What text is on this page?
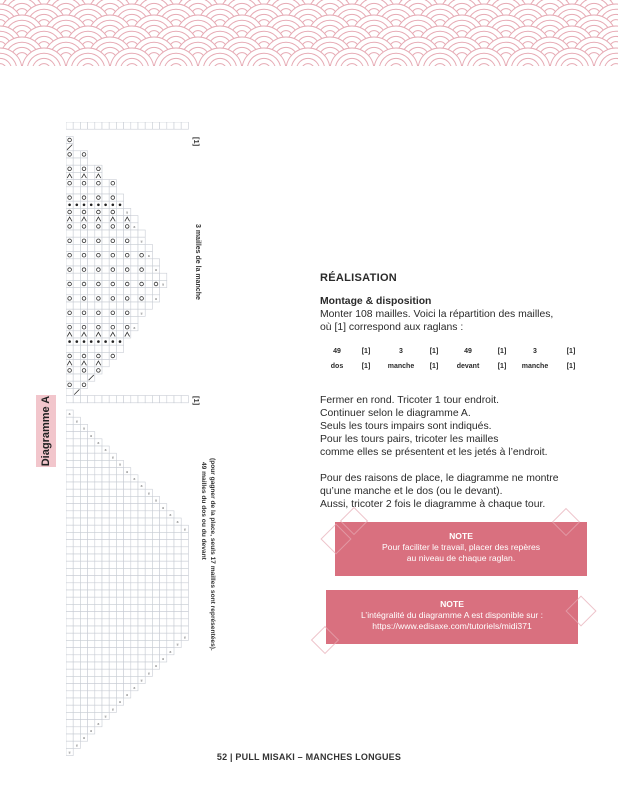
Diagramme A
ᴕ
ᴕ
ᴕ
ᴕ
ᴕ
ᴕ
ᴕ
ᴕ
ᴕ
ᴕ
ᴕ
ᴕ
ᴕ
ᴕ
ᴕ
ᴕ
ᴕ
ᴕ
ᴕ
ᴕ
ᴕ
ᴕ
ᴕ
ᴕ
ᴕ
ᴕ
ᴕ
ᴕ
ᴕ
ᴕ
ᴕ
ᴕ
ᴕ
ᴕ
ᴕ
ᴕ
ᴕ
ᴕ
ᴕ
ᴕ
ᴕ
ᴕ
ᴕ
[1]
[1]
3 mailles de la manche
49 mailles du dos ou du devant (pour gagner de la place, seuls 17 mailles sont représentées).
RÉALISATION
Montage & disposition
Monter 108 mailles. Voici la répartition des mailles,
où [1] correspond aux raglans :
49	[1]	3	[1]	49	[1]	3	[1]
dos	[1]	manche	[1]	devant	[1]	manche	[1]
Fermer en rond. Tricoter 1 tour endroit.
Continuer selon le diagramme A.
Seuls les tours impairs sont indiqués.
Pour les tours pairs, tricoter les mailles
comme elles se présentent et les jetés à l’endroit.
Pour des raisons de place, le diagramme ne montre
qu’une manche et le dos (ou le devant).
Aussi, tricoter 2 fois le diagramme à chaque tour.
NOTE
Pour faciliter le travail, placer des repères
au niveau de chaque raglan.
NOTE
L’intégralité du diagramme A est disponible sur :
https://www.edisaxe.com/tutoriels/midi371
52 | PULL MISAKI – MANCHES LONGUES
